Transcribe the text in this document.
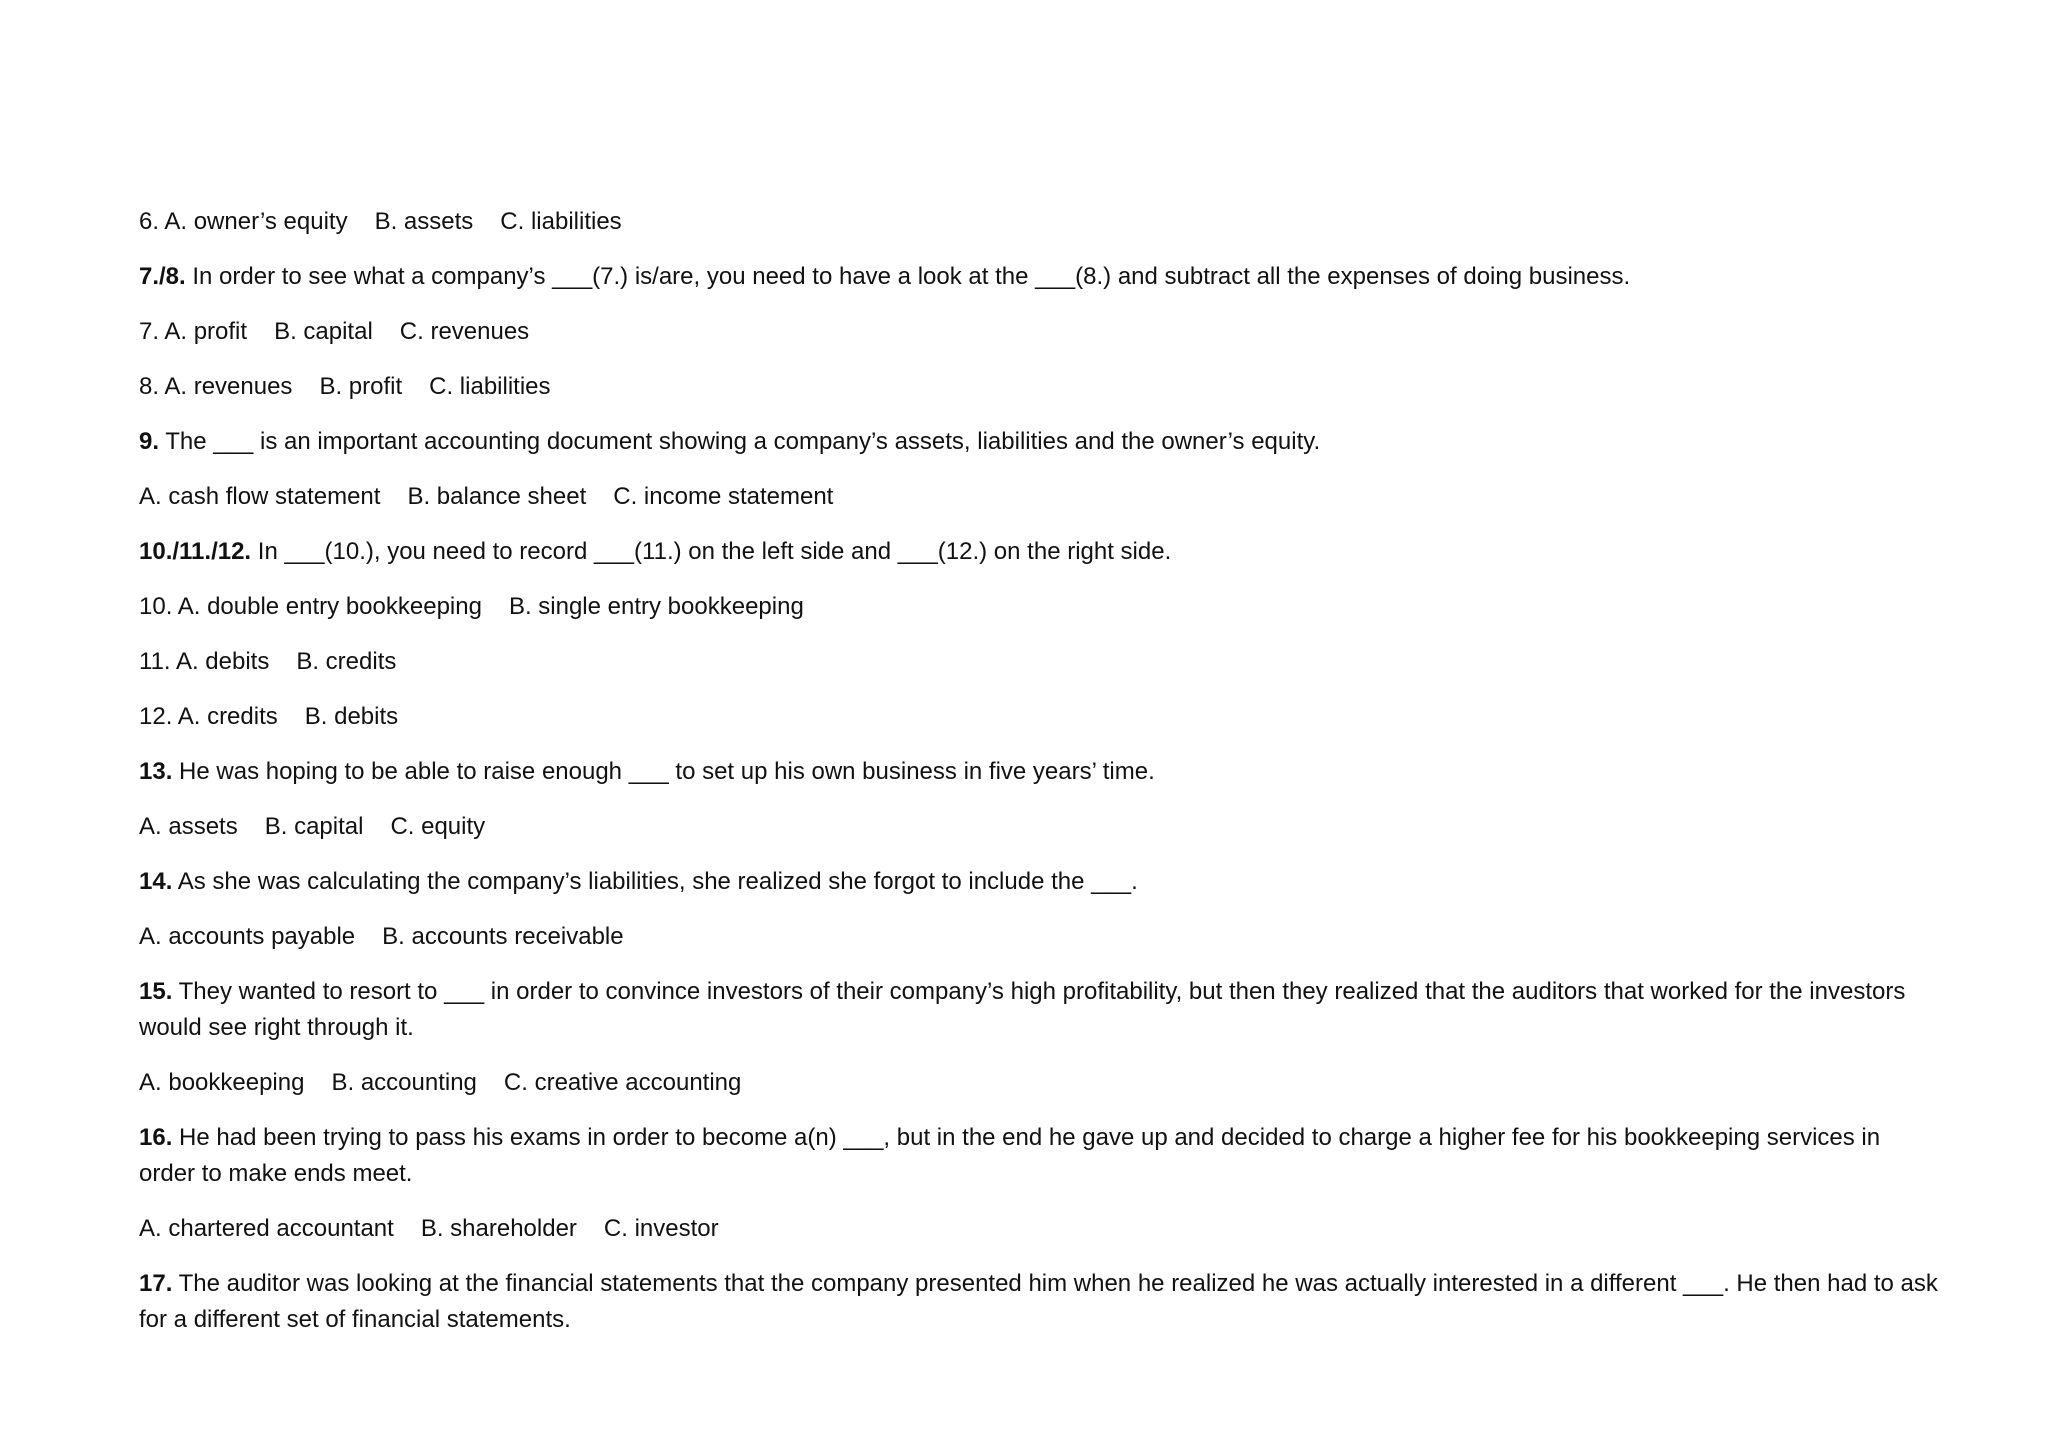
6. A. owner’s equity B. assets C. liabilities

7./8. In order to see what a company’s ___(7.) is/are, you need to have a look at the ___(8.) and subtract all the expenses of doing business.

7. A. profit B. capital C. revenues

8. A. revenues B. profit C. liabilities

9. The ___ is an important accounting document showing a company’s assets, liabilities and the owner’s equity.

A. cash flow statement B. balance sheet C. income statement

10./11./12. In ___(10.), you need to record ___(11.) on the left side and ___(12.) on the right side.

10. A. double entry bookkeeping B. single entry bookkeeping

11. A. debits B. credits

12. A. credits B. debits

13. He was hoping to be able to raise enough ___ to set up his own business in five years’ time.

A. assets B. capital C. equity

14. As she was calculating the company’s liabilities, she realized she forgot to include the ___.

A. accounts payable B. accounts receivable

15. They wanted to resort to ___ in order to convince investors of their company’s high profitability, but then they realized that the auditors that worked for the investors would see right through it.

A. bookkeeping B. accounting C. creative accounting

16. He had been trying to pass his exams in order to become a(n) ___, but in the end he gave up and decided to charge a higher fee for his bookkeeping services in order to make ends meet.

A. chartered accountant B. shareholder C. investor

17. The auditor was looking at the financial statements that the company presented him when he realized he was actually interested in a different ___. He then had to ask for a different set of financial statements.
